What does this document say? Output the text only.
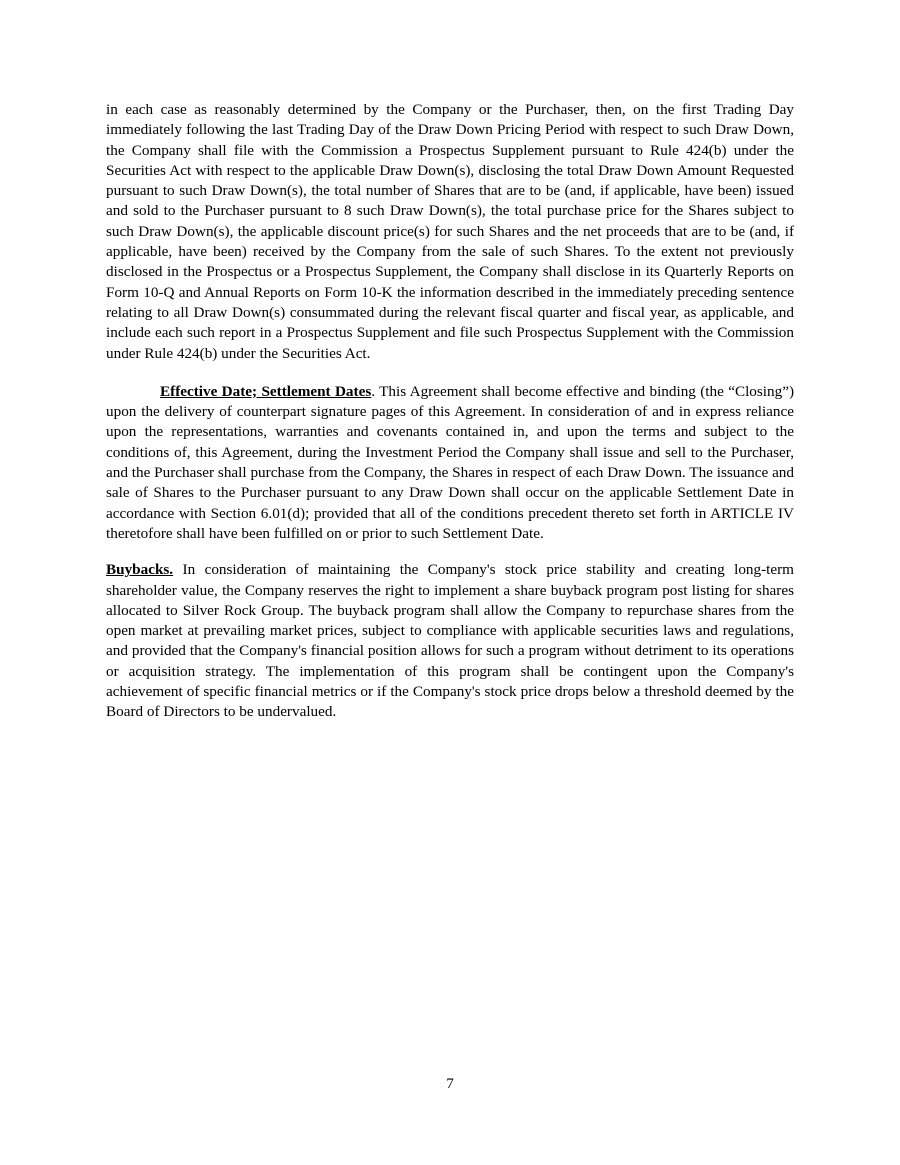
in each case as reasonably determined by the Company or the Purchaser, then, on the first Trading Day immediately following the last Trading Day of the Draw Down Pricing Period with respect to such Draw Down, the Company shall file with the Commission a Prospectus Supplement pursuant to Rule 424(b) under the Securities Act with respect to the applicable Draw Down(s), disclosing the total Draw Down Amount Requested pursuant to such Draw Down(s), the total number of Shares that are to be (and, if applicable, have been) issued and sold to the Purchaser pursuant to 8 such Draw Down(s), the total purchase price for the Shares subject to such Draw Down(s), the applicable discount price(s) for such Shares and the net proceeds that are to be (and, if applicable, have been) received by the Company from the sale of such Shares. To the extent not previously disclosed in the Prospectus or a Prospectus Supplement, the Company shall disclose in its Quarterly Reports on Form 10-Q and Annual Reports on Form 10-K the information described in the immediately preceding sentence relating to all Draw Down(s) consummated during the relevant fiscal quarter and fiscal year, as applicable, and include each such report in a Prospectus Supplement and file such Prospectus Supplement with the Commission under Rule 424(b) under the Securities Act.

Effective Date; Settlement Dates. This Agreement shall become effective and binding (the “Closing”) upon the delivery of counterpart signature pages of this Agreement. In consideration of and in express reliance upon the representations, warranties and covenants contained in, and upon the terms and subject to the conditions of, this Agreement, during the Investment Period the Company shall issue and sell to the Purchaser, and the Purchaser shall purchase from the Company, the Shares in respect of each Draw Down. The issuance and sale of Shares to the Purchaser pursuant to any Draw Down shall occur on the applicable Settlement Date in accordance with Section 6.01(d); provided that all of the conditions precedent thereto set forth in ARTICLE IV theretofore shall have been fulfilled on or prior to such Settlement Date.

Buybacks. In consideration of maintaining the Company's stock price stability and creating long-term shareholder value, the Company reserves the right to implement a share buyback program post listing for shares allocated to Silver Rock Group. The buyback program shall allow the Company to repurchase shares from the open market at prevailing market prices, subject to compliance with applicable securities laws and regulations, and provided that the Company's financial position allows for such a program without detriment to its operations or acquisition strategy. The implementation of this program shall be contingent upon the Company's achievement of specific financial metrics or if the Company's stock price drops below a threshold deemed by the Board of Directors to be undervalued.

7
